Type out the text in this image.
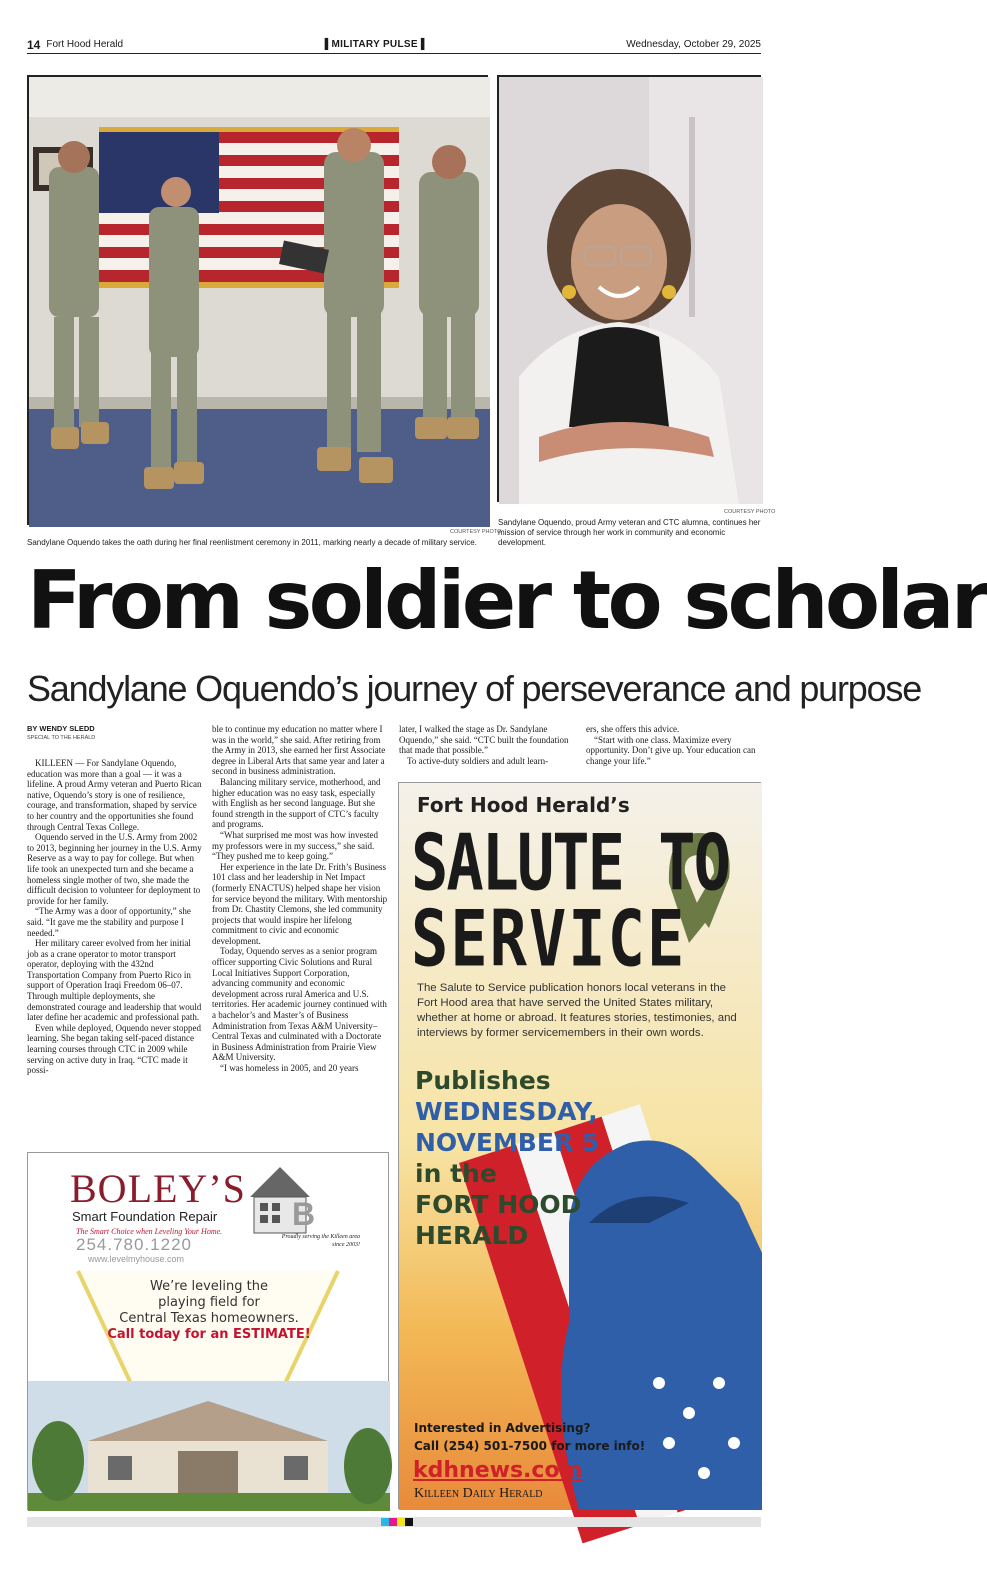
14 Fort Hood Herald	▐ MILITARY PULSE ▌	Wednesday, October 29, 2025
COURTESY PHOTO
Sandylane Oquendo takes the oath during her final reenlistment ceremony in 2011, marking nearly a decade of military service.
COURTESY PHOTO
Sandylane Oquendo, proud Army veteran and CTC alumna, continues her mission of service through her work in community and economic development.
From soldier to scholar
Sandylane Oquendo’s journey of perseverance and purpose
BY WENDY SLEDD
SPECIAL TO THE HERALD

KILLEEN — For Sandylane Oquendo, education was more than a goal — it was a lifeline. A proud Army veteran and Puerto Rican native, Oquendo’s story is one of resilience, courage, and transformation, shaped by service to her country and the opportunities she found through Central Texas College.

Oquendo served in the U.S. Army from 2002 to 2013, beginning her journey in the U.S. Army Reserve as a way to pay for college. But when life took an unexpected turn and she became a homeless single mother of two, she made the difficult decision to volunteer for deployment to provide for her family.

“The Army was a door of opportunity,” she said. “It gave me the stability and purpose I needed.”

Her military career evolved from her initial job as a crane operator to motor transport operator, deploying with the 432nd Transportation Company from Puerto Rico in support of Operation Iraqi Freedom 06–07. Through multiple deployments, she demonstrated courage and leadership that would later define her academic and professional path.

Even while deployed, Oquendo never stopped learning. She began taking self-paced distance learning courses through CTC in 2009 while serving on active duty in Iraq. “CTC made it possi-

ble to continue my education no matter where I was in the world,” she said. After retiring from the Army in 2013, she earned her first Associate degree in Liberal Arts that same year and later a second in business administration.

Balancing military service, motherhood, and higher education was no easy task, especially with English as her second language. But she found strength in the support of CTC’s faculty and programs.

“What surprised me most was how invested my professors were in my success,” she said. “They pushed me to keep going.”

Her experience in the late Dr. Frith’s Business 101 class and her leadership in Net Impact (formerly ENACTUS) helped shape her vision for service beyond the military. With mentorship from Dr. Chastity Clemons, she led community projects that would inspire her lifelong commitment to civic and economic development.

Today, Oquendo serves as a senior program officer supporting Civic Solutions and Rural Local Initiatives Support Corporation, advancing community and economic development across rural America and U.S. territories. Her academic journey continued with a bachelor’s and Master’s of Business Administration from Texas A&M University–Central Texas and culminated with a Doctorate in Business Administration from Prairie View A&M University.

“I was homeless in 2005, and 20 years

later, I walked the stage as Dr. Sandylane Oquendo,” she said. “CTC built the foundation that made that possible.”

To active-duty soldiers and adult learn-

ers, she offers this advice.

“Start with one class. Maximize every opportunity. Don’t give up. Your education can change your life.”

BOLEY’S
Smart Foundation Repair
The Smart Choice when Leveling Your Home.
254.780.1220
www.levelmyhouse.com
B
Proudly serving the Killeen area since 2003!
We’re leveling the
playing field for
Central Texas homeowners.
Call today for an ESTIMATE!
Fort Hood Herald’s
SALUTE TO
SERVICE
The Salute to Service publication honors local veterans in the Fort Hood area that have served the United States military, whether at home or abroad. It features stories, testimonies, and interviews by former servicemembers in their own words.
Publishes
WEDNESDAY,
NOVEMBER 5
in the
FORT HOOD
HERALD
Interested in Advertising?
Call (254) 501-7500 for more info!
kdhnews.com
Killeen Daily Herald
